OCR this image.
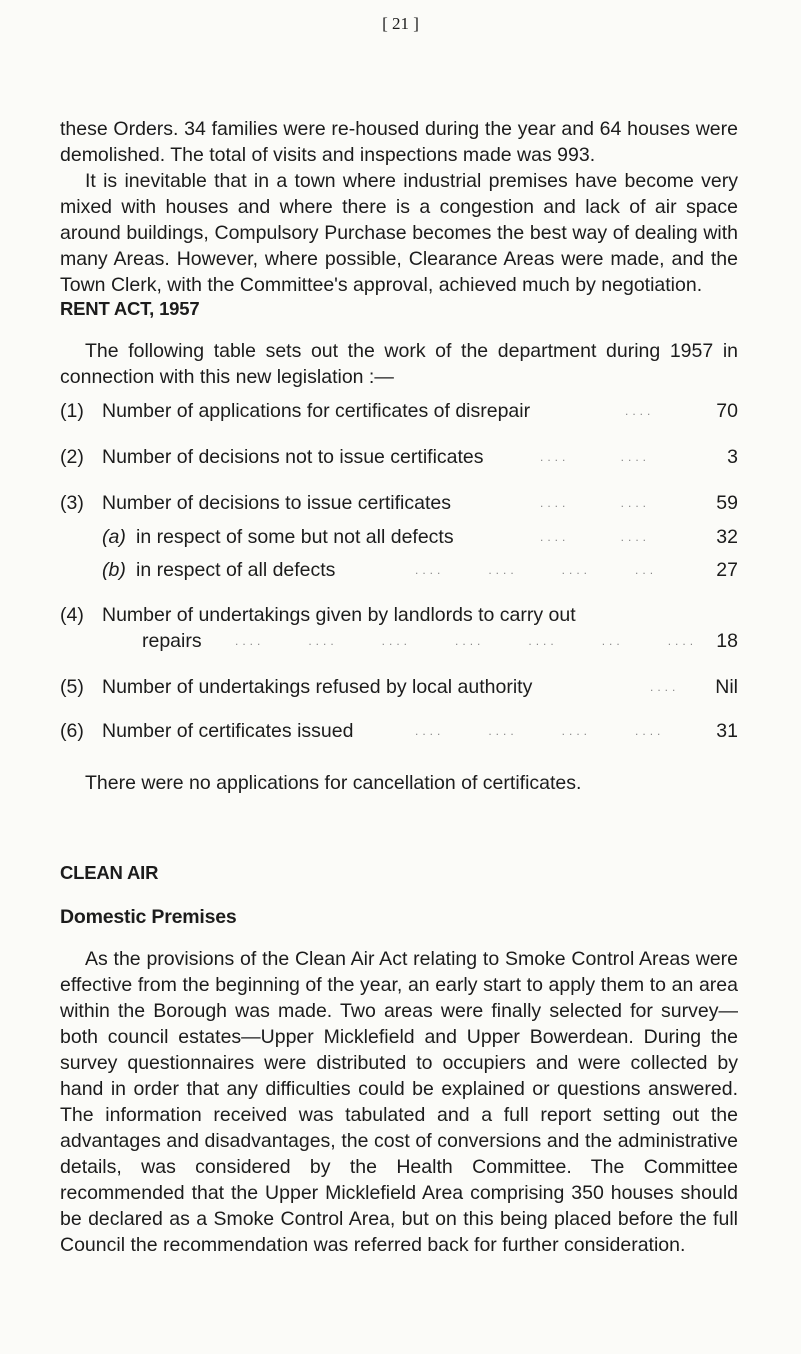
[ 21 ]

these Orders. 34 families were re-housed during the year and 64 houses were demolished. The total of visits and inspections made was 993.

It is inevitable that in a town where industrial premises have become very mixed with houses and where there is a congestion and lack of air space around buildings, Compulsory Purchase becomes the best way of dealing with many Areas. However, where possible, Clearance Areas were made, and the Town Clerk, with the Committee's approval, achieved much by negotiation.

RENT ACT, 1957

The following table sets out the work of the department during 1957 in connection with this new legislation :—

(1) Number of applications for certificates of disrepair	....	70
(2) Number of decisions not to issue certificates	....       ....	3
(3) Number of decisions to issue certificates	....       ....	59
(a) in respect of some but not all defects	....       ....	32
(b) in respect of all defects	....      ....      ....      ...	27
(4) Number of undertakings given by landlords to carry out
repairs	....      ....      ....      ....      ....      ...      .... 18
(5) Number of undertakings refused by local authority	.... Nil
(6) Number of certificates issued	....      ....      ....      ....	31

There were no applications for cancellation of certificates.

CLEAN AIR
Domestic Premises

As the provisions of the Clean Air Act relating to Smoke Control Areas were effective from the beginning of the year, an early start to apply them to an area within the Borough was made. Two areas were finally selected for survey—both council estates—Upper Micklefield and Upper Bowerdean. During the survey questionnaires were distributed to occupiers and were collected by hand in order that any difficulties could be explained or questions answered. The information received was tabulated and a full report setting out the advantages and disadvantages, the cost of conversions and the administrative details, was considered by the Health Committee. The Committee recommended that the Upper Micklefield Area comprising 350 houses should be declared as a Smoke Control Area, but on this being placed before the full Council the recommendation was referred back for further consideration.
